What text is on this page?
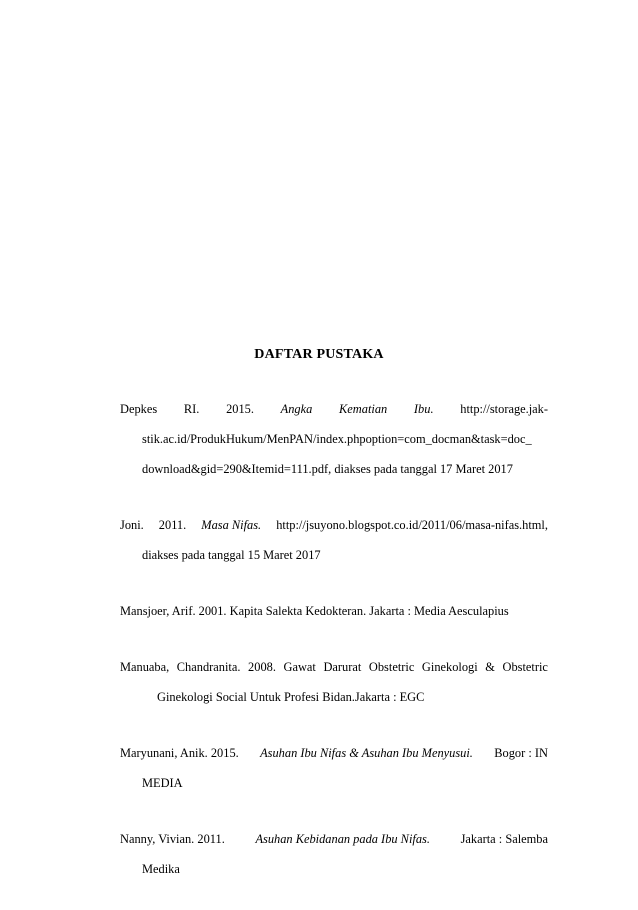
DAFTAR PUSTAKA
Depkes RI. 2015. Angka Kematian Ibu. http://storage.jak-
stik.ac.id/ProdukHukum/MenPAN/index.phpoption=com_docman&task=doc_
download&gid=290&Itemid=111.pdf, diakses pada tanggal 17 Maret 2017
Joni. 2011. Masa Nifas. http://jsuyono.blogspot.co.id/2011/06/masa-nifas.html,
diakses pada tanggal 15 Maret 2017
Mansjoer, Arif. 2001. Kapita Salekta Kedokteran. Jakarta : Media Aesculapius
Manuaba, Chandranita. 2008. Gawat Darurat Obstetric Ginekologi & Obstetric
Ginekologi Social Untuk Profesi Bidan.Jakarta : EGC
Maryunani, Anik. 2015. Asuhan Ibu Nifas & Asuhan Ibu Menyusui. Bogor : IN
MEDIA
Nanny, Vivian. 2011. Asuhan Kebidanan pada Ibu Nifas. Jakarta : Salemba
Medika
